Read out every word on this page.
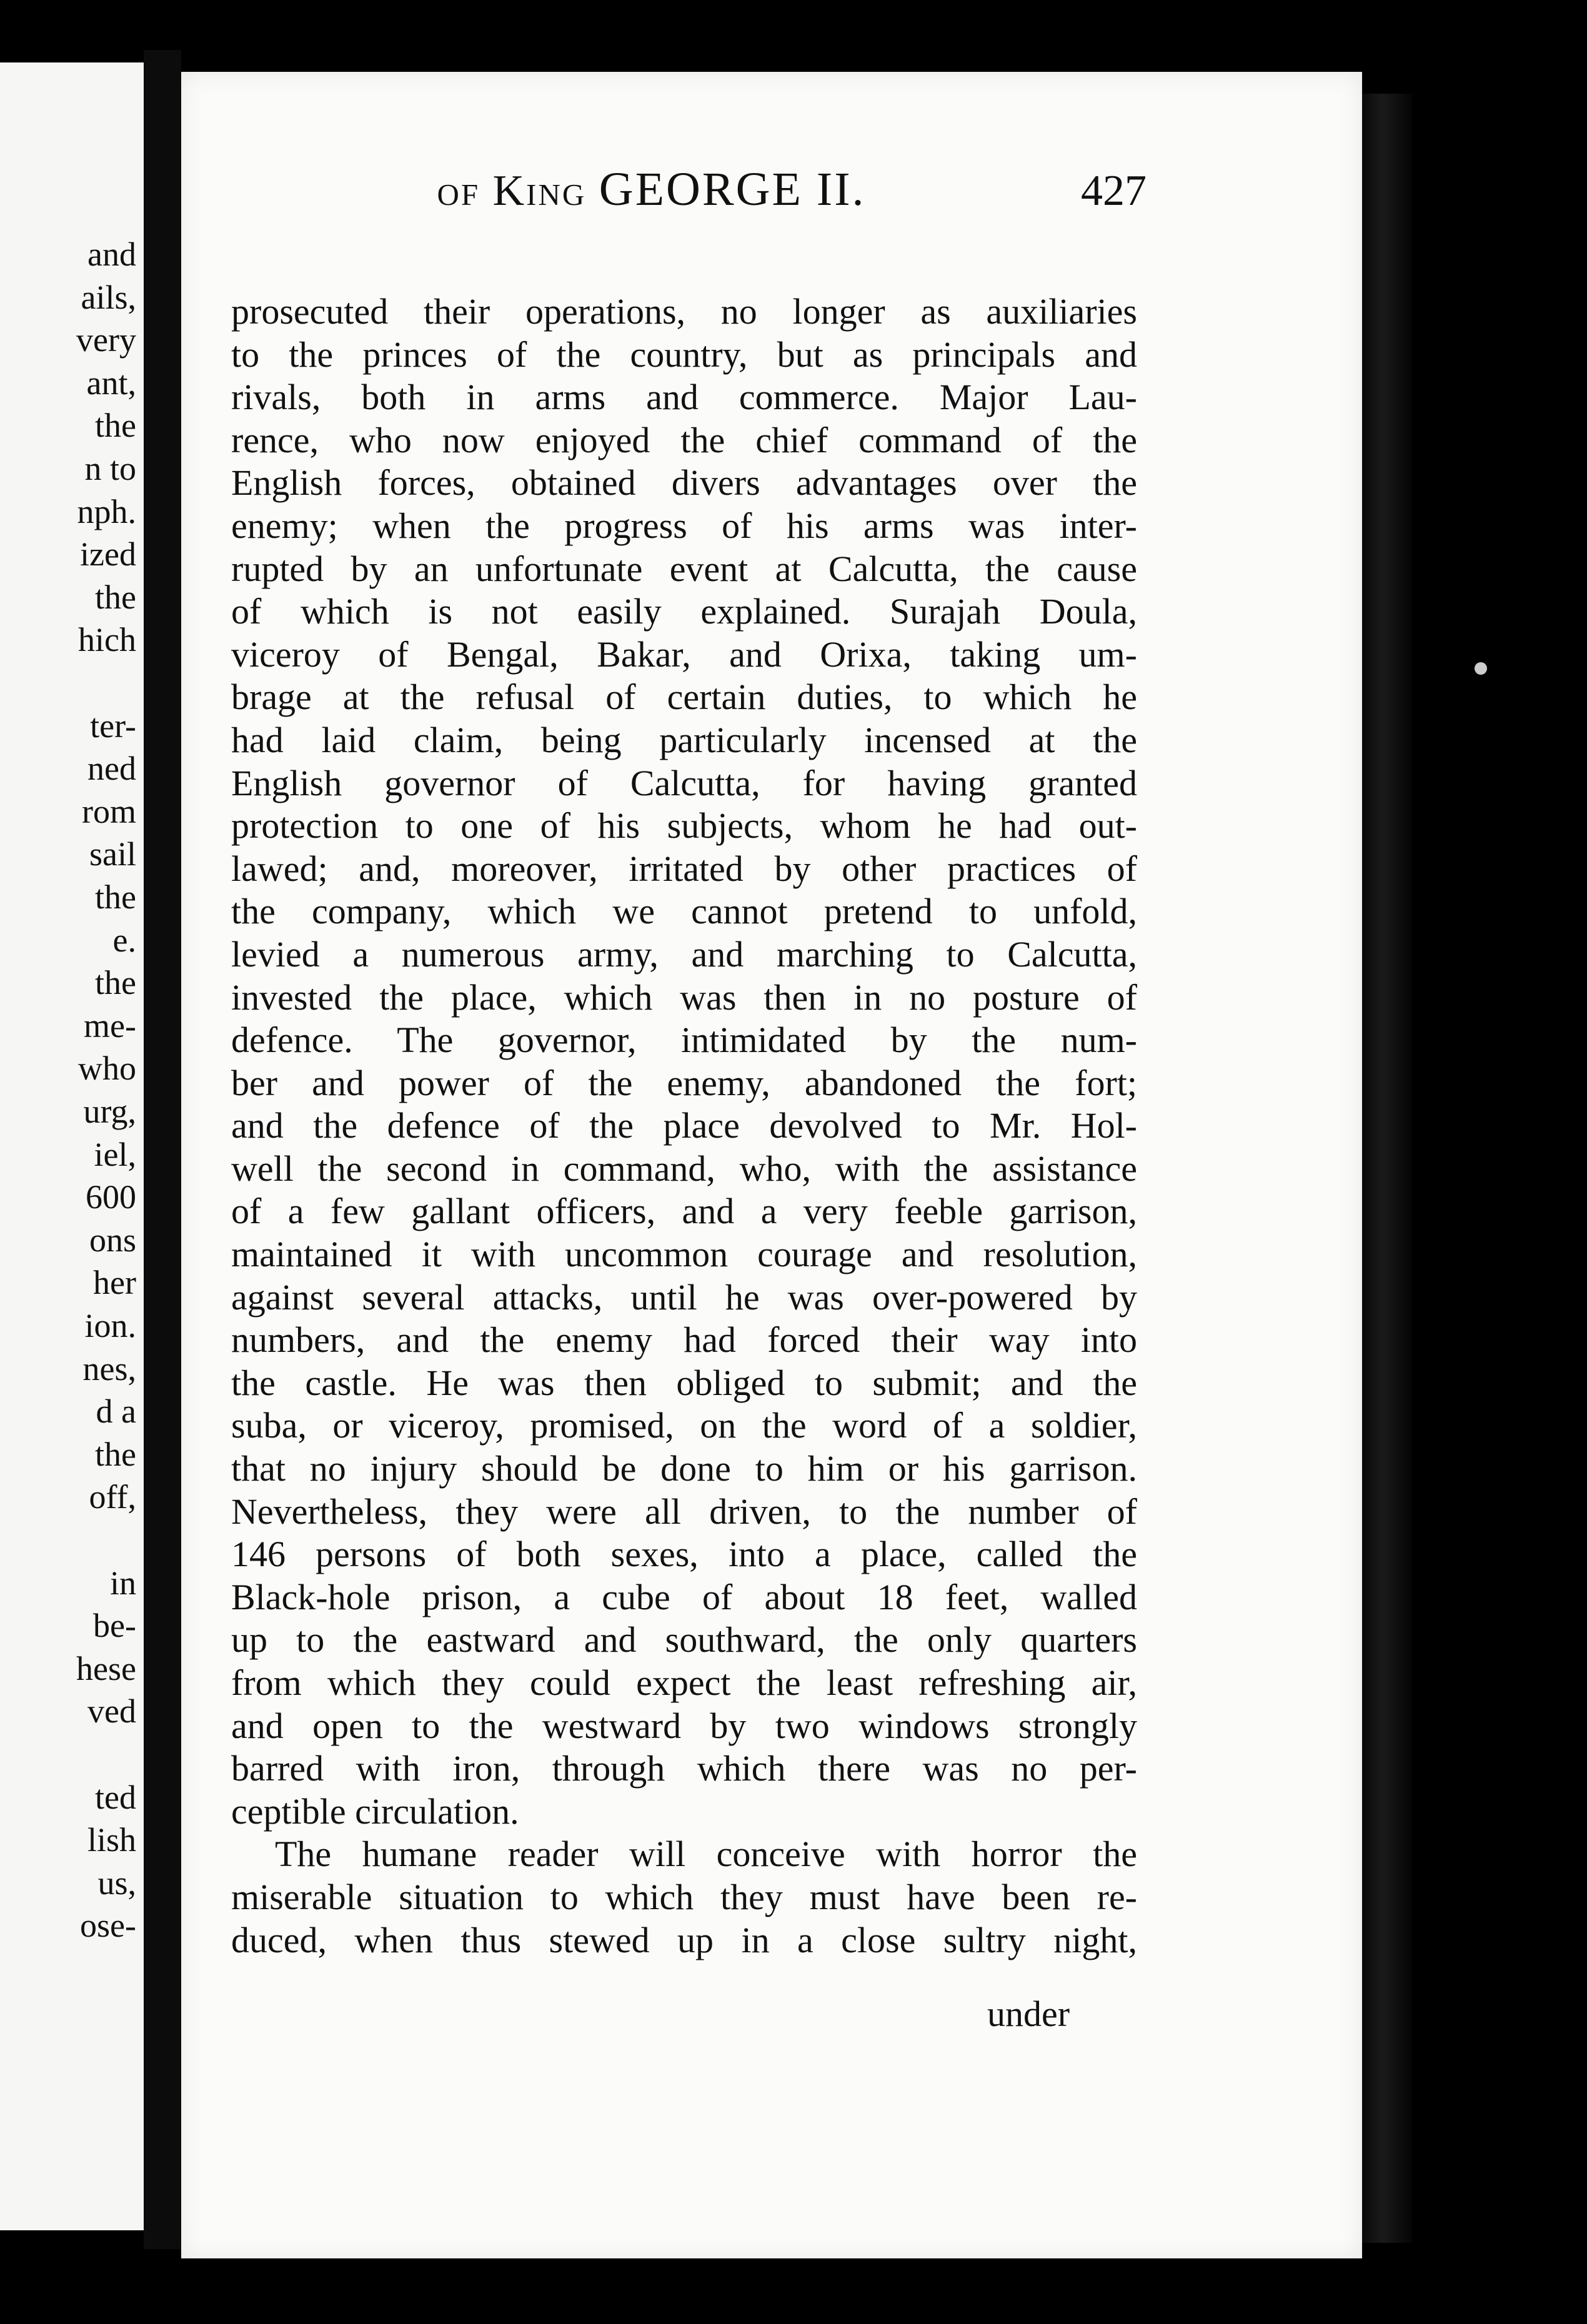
and
ails,
very
ant,
the
n to
nph.
ized
the
hich
ter-
ned
rom
sail
the
e.
the
me-
who
urg,
iel,
600
ons
her
ion.
nes,
d a
the
off,
in
be-
hese
ved
ted
lish
us,
ose-
of King GEORGE II.	427
prosecuted their operations, no longer as auxiliaries
to the princes of the country, but as principals and
rivals, both in arms and commerce. Major Lau-
rence, who now enjoyed the chief command of the
English forces, obtained divers advantages over the
enemy; when the progress of his arms was inter-
rupted by an unfortunate event at Calcutta, the cause
of which is not easily explained. Surajah Doula,
viceroy of Bengal, Bakar, and Orixa, taking um-
brage at the refusal of certain duties, to which he
had laid claim, being particularly incensed at the
English governor of Calcutta, for having granted
protection to one of his subjects, whom he had out-
lawed; and, moreover, irritated by other practices of
the company, which we cannot pretend to unfold,
levied a numerous army, and marching to Calcutta,
invested the place, which was then in no posture of
defence. The governor, intimidated by the num-
ber and power of the enemy, abandoned the fort;
and the defence of the place devolved to Mr. Hol-
well the second in command, who, with the assistance
of a few gallant officers, and a very feeble garrison,
maintained it with uncommon courage and resolution,
against several attacks, until he was over-powered by
numbers, and the enemy had forced their way into
the castle. He was then obliged to submit; and the
suba, or viceroy, promised, on the word of a soldier,
that no injury should be done to him or his garrison.
Nevertheless, they were all driven, to the number of
146 persons of both sexes, into a place, called the
Black-hole prison, a cube of about 18 feet, walled
up to the eastward and southward, the only quarters
from which they could expect the least refreshing air,
and open to the westward by two windows strongly
barred with iron, through which there was no per-
ceptible circulation.
The humane reader will conceive with horror the
miserable situation to which they must have been re-
duced, when thus stewed up in a close sultry night,
under
